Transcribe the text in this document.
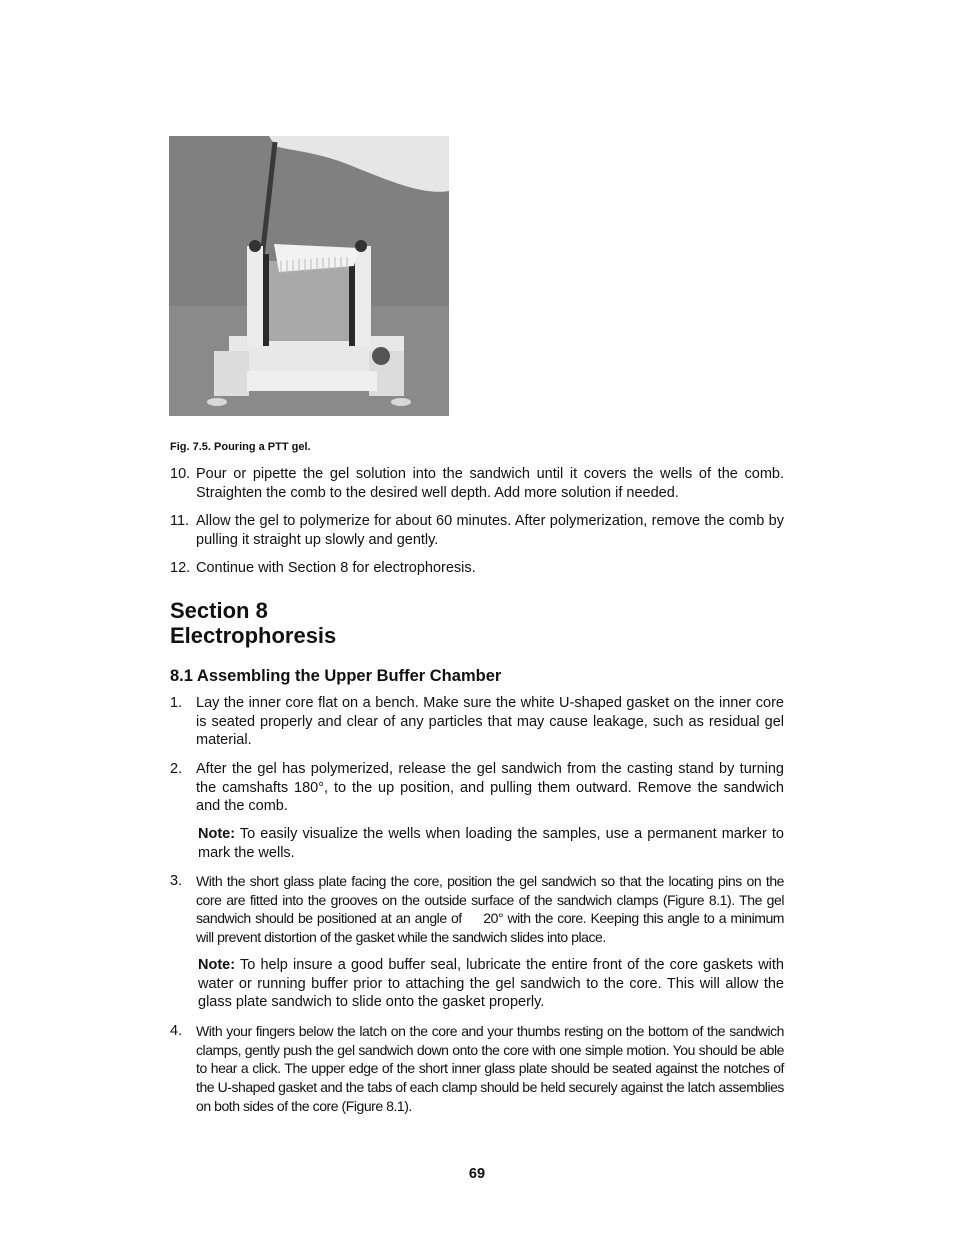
Fig. 7.5. Pouring a PTT gel.
10. Pour or pipette the gel solution into the sandwich until it covers the wells of the comb. Straighten the comb to the desired well depth. Add more solution if needed.
11. Allow the gel to polymerize for about 60 minutes. After polymerization, remove the comb by pulling it straight up slowly and gently.
12. Continue with Section 8 for electrophoresis.
Section 8
Electrophoresis
8.1 Assembling the Upper Buffer Chamber
1. Lay the inner core flat on a bench. Make sure the white U-shaped gasket on the inner core is seated properly and clear of any particles that may cause leakage, such as residual gel material.
2. After the gel has polymerized, release the gel sandwich from the casting stand by turning the camshafts 180°, to the up position, and pulling them outward. Remove the sandwich and the comb.
Note: To easily visualize the wells when loading the samples, use a permanent marker to mark the wells.
3. With the short glass plate facing the core, position the gel sandwich so that the locating pins on the core are fitted into the grooves on the outside surface of the sandwich clamps (Figure 8.1). The gel sandwich should be positioned at an angle of     20° with the core. Keeping this angle to a minimum will prevent distortion of the gasket while the sandwich slides into place.
Note: To help insure a good buffer seal, lubricate the entire front of the core gaskets with water or running buffer prior to attaching the gel sandwich to the core. This will allow the glass plate sandwich to slide onto the gasket properly.
4. With your fingers below the latch on the core and your thumbs resting on the bottom of the sandwich clamps, gently push the gel sandwich down onto the core with one simple motion. You should be able to hear a click. The upper edge of the short inner glass plate should be seated against the notches of the U-shaped gasket and the tabs of each clamp should be held securely against the latch assemblies on both sides of the core (Figure 8.1).
69
